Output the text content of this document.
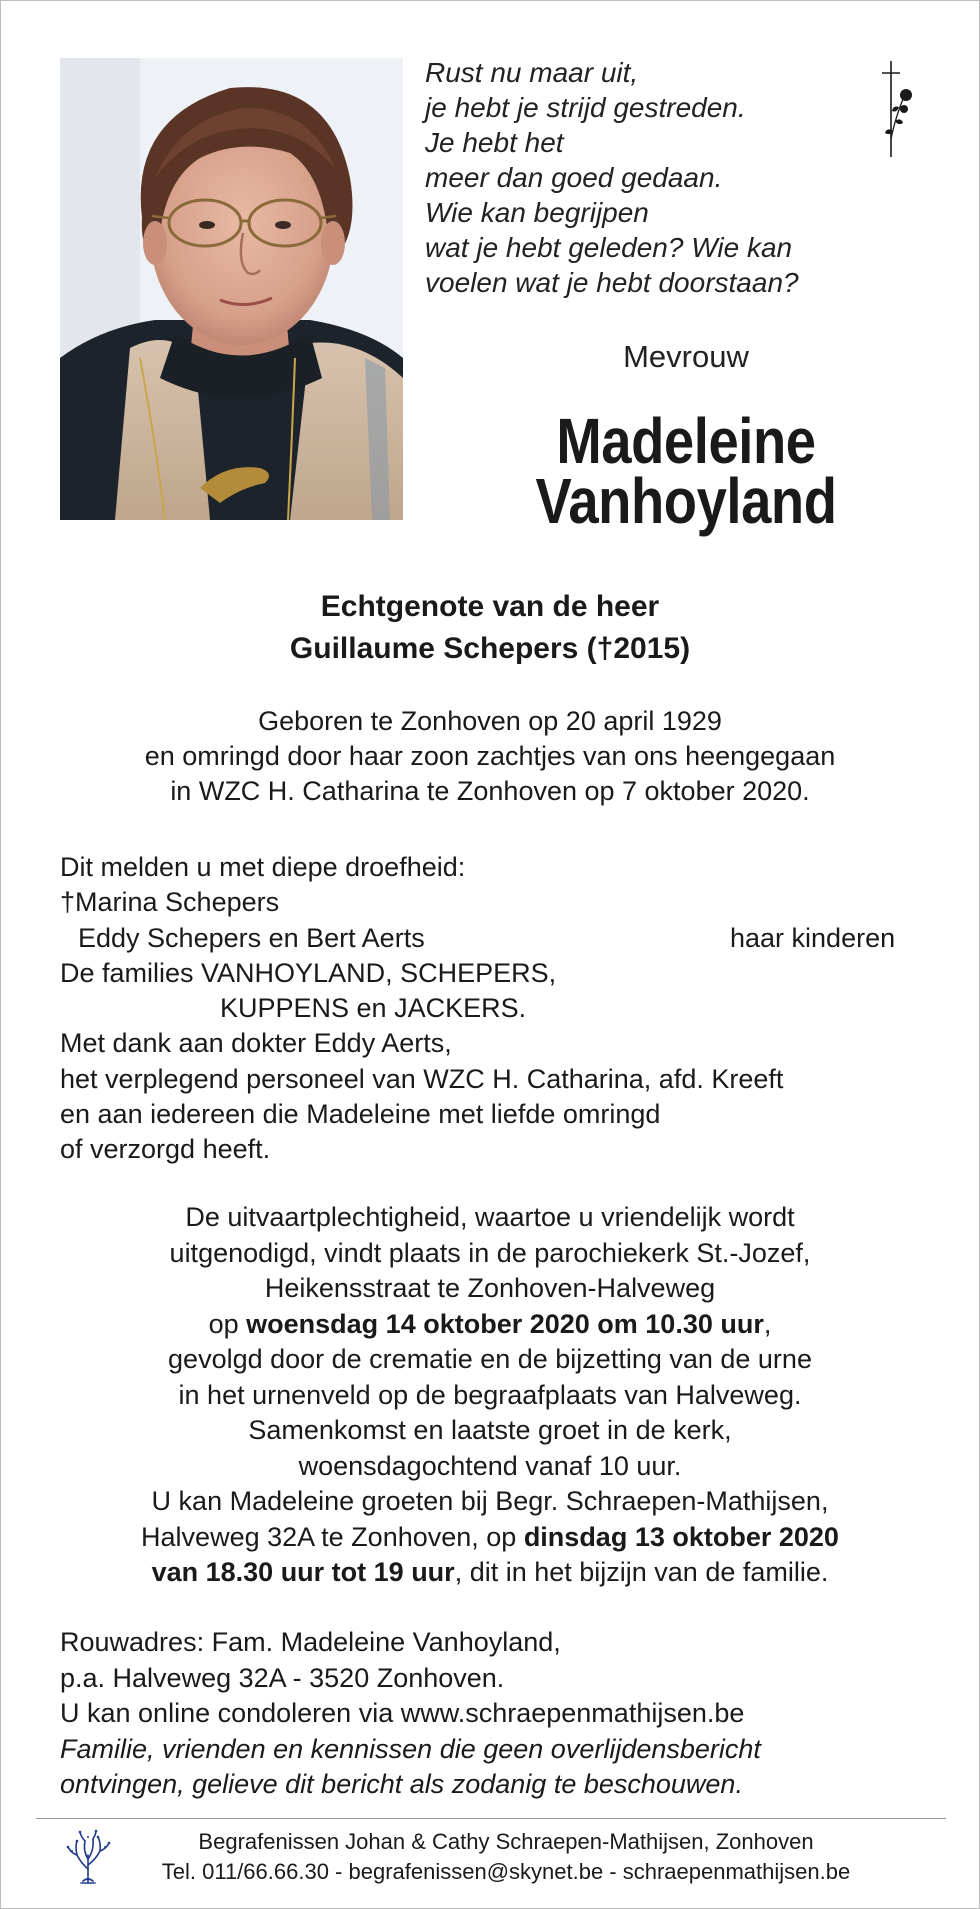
Rust nu maar uit,
je hebt je strijd gestreden.
Je hebt het
meer dan goed gedaan.
Wie kan begrijpen
wat je hebt geleden? Wie kan
voelen wat je hebt doorstaan?
Mevrouw
Madeleine
Vanhoyland
Echtgenote van de heer
Guillaume Schepers (†2015)
Geboren te Zonhoven op 20 april 1929
en omringd door haar zoon zachtjes van ons heengegaan
in WZC H. Catharina te Zonhoven op 7 oktober 2020.
Dit melden u met diepe droefheid:
†Marina Schepers
Eddy Schepers en Bert Aerts	haar kinderen
De families VANHOYLAND, SCHEPERS,
KUPPENS en JACKERS.
Met dank aan dokter Eddy Aerts,
het verplegend personeel van WZC H. Catharina, afd. Kreeft
en aan iedereen die Madeleine met liefde omringd
of verzorgd heeft.
De uitvaartplechtigheid, waartoe u vriendelijk wordt
uitgenodigd, vindt plaats in de parochiekerk St.-Jozef,
Heikensstraat te Zonhoven-Halveweg
op woensdag 14 oktober 2020 om 10.30 uur,
gevolgd door de crematie en de bijzetting van de urne
in het urnenveld op de begraafplaats van Halveweg.
Samenkomst en laatste groet in de kerk,
woensdagochtend vanaf 10 uur.
U kan Madeleine groeten bij Begr. Schraepen-Mathijsen,
Halveweg 32A te Zonhoven, op dinsdag 13 oktober 2020
van 18.30 uur tot 19 uur, dit in het bijzijn van de familie.
Rouwadres: Fam. Madeleine Vanhoyland,
p.a. Halveweg 32A - 3520 Zonhoven.
U kan online condoleren via www.schraepenmathijsen.be
Familie, vrienden en kennissen die geen overlijdensbericht
ontvingen, gelieve dit bericht als zodanig te beschouwen.
Begrafenissen Johan & Cathy Schraepen-Mathijsen, Zonhoven
Tel. 011/66.66.30 - begrafenissen@skynet.be - schraepenmathijsen.be
